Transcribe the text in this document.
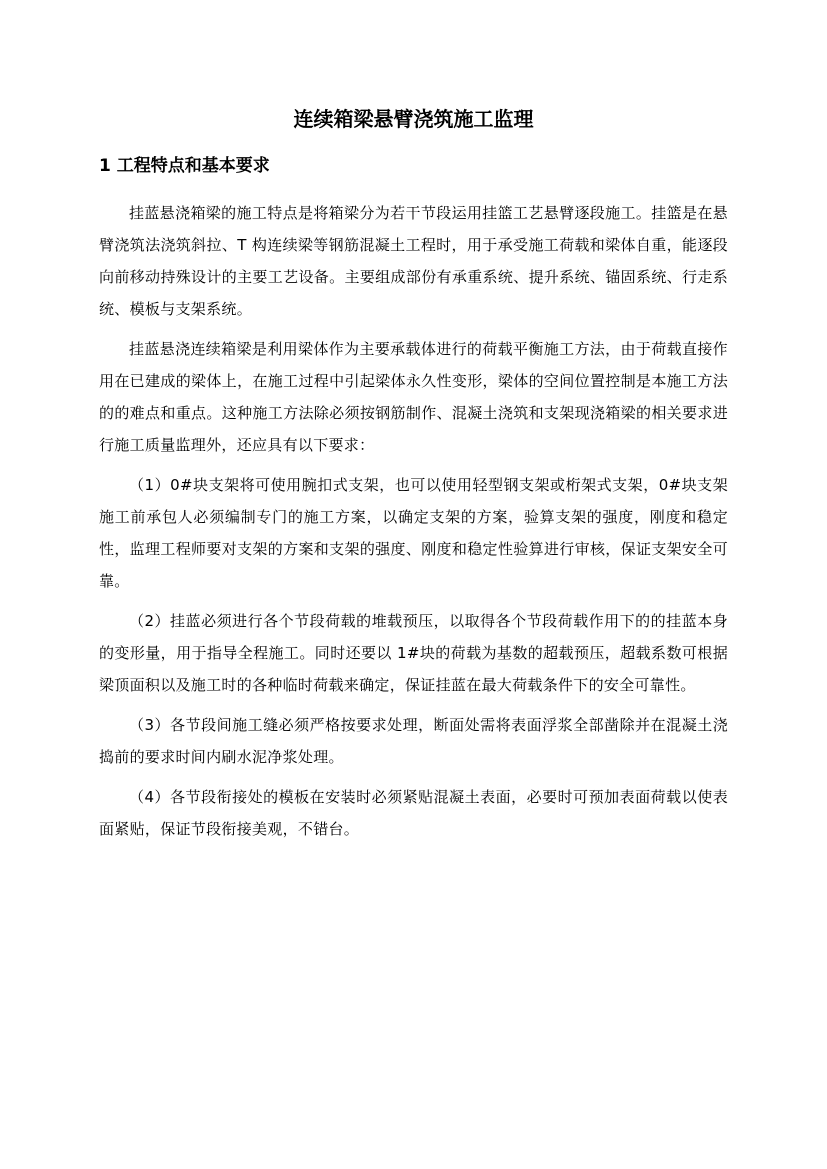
连续箱梁悬臂浇筑施工监理
1 工程特点和基本要求

挂蓝悬浇箱梁的施工特点是将箱梁分为若干节段运用挂篮工艺悬臂逐段施工。挂篮是在悬臂浇筑法浇筑斜拉、T 构连续梁等钢筋混凝土工程时，用于承受施工荷载和梁体自重，能逐段向前移动持殊设计的主要工艺设备。主要组成部份有承重系统、提升系统、锚固系统、行走系统、模板与支架系统。

挂蓝悬浇连续箱梁是利用梁体作为主要承载体进行的荷载平衡施工方法，由于荷载直接作用在已建成的梁体上，在施工过程中引起梁体永久性变形，梁体的空间位置控制是本施工方法的的难点和重点。这种施工方法除必须按钢筋制作、混凝土浇筑和支架现浇箱梁的相关要求进行施工质量监理外，还应具有以下要求：

（1）0#块支架将可使用腕扣式支架，也可以使用轻型钢支架或桁架式支架，0#块支架施工前承包人必须编制专门的施工方案，以确定支架的方案，验算支架的强度，刚度和稳定性，监理工程师要对支架的方案和支架的强度、刚度和稳定性验算进行审核，保证支架安全可靠。

（2）挂蓝必须进行各个节段荷载的堆载预压，以取得各个节段荷载作用下的的挂蓝本身的变形量，用于指导全程施工。同时还要以 1#块的荷载为基数的超载预压，超载系数可根据梁顶面积以及施工时的各种临时荷载来确定，保证挂蓝在最大荷载条件下的安全可靠性。

（3）各节段间施工缝必须严格按要求处理，断面处需将表面浮浆全部凿除并在混凝土浇捣前的要求时间内刷水泥净浆处理。

（4）各节段衔接处的模板在安装时必须紧贴混凝土表面，必要时可预加表面荷载以使表面紧贴，保证节段衔接美观，不错台。
